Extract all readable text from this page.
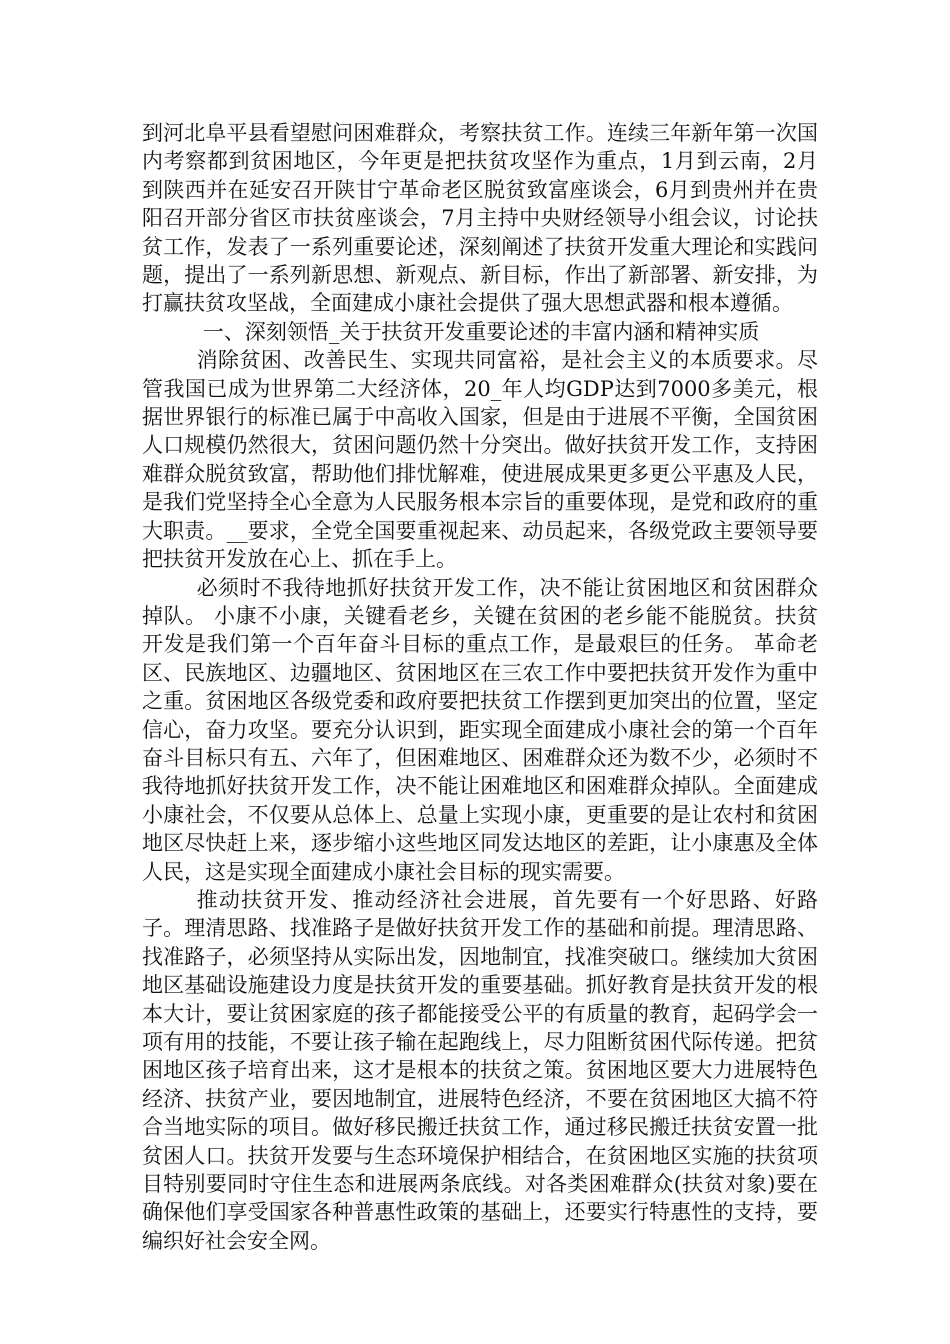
到河北阜平县看望慰问困难群众，考察扶贫工作。连续三年新年第一次国内考察都到贫困地区，今年更是把扶贫攻坚作为重点，1月到云南，2月到陕西并在延安召开陕甘宁革命老区脱贫致富座谈会，6月到贵州并在贵阳召开部分省区市扶贫座谈会，7月主持中央财经领导小组会议，讨论扶贫工作，发表了一系列重要论述，深刻阐述了扶贫开发重大理论和实践问题，提出了一系列新思想、新观点、新目标，作出了新部署、新安排，为打赢扶贫攻坚战，全面建成小康社会提供了强大思想武器和根本遵循。

一、深刻领悟_关于扶贫开发重要论述的丰富内涵和精神实质

消除贫困、改善民生、实现共同富裕，是社会主义的本质要求。尽管我国已成为世界第二大经济体，20_年人均GDP达到7000多美元，根据世界银行的标准已属于中高收入国家，但是由于进展不平衡，全国贫困人口规模仍然很大，贫困问题仍然十分突出。做好扶贫开发工作，支持困难群众脱贫致富，帮助他们排忧解难，使进展成果更多更公平惠及人民，是我们党坚持全心全意为人民服务根本宗旨的重要体现，是党和政府的重大职责。__要求，全党全国要重视起来、动员起来，各级党政主要领导要把扶贫开发放在心上、抓在手上。

必须时不我待地抓好扶贫开发工作，决不能让贫困地区和贫困群众掉队。 小康不小康，关键看老乡，关键在贫困的老乡能不能脱贫。扶贫开发是我们第一个百年奋斗目标的重点工作，是最艰巨的任务。 革命老区、民族地区、边疆地区、贫困地区在三农工作中要把扶贫开发作为重中之重。贫困地区各级党委和政府要把扶贫工作摆到更加突出的位置，坚定信心，奋力攻坚。要充分认识到，距实现全面建成小康社会的第一个百年奋斗目标只有五、六年了，但困难地区、困难群众还为数不少，必须时不我待地抓好扶贫开发工作，决不能让困难地区和困难群众掉队。全面建成小康社会，不仅要从总体上、总量上实现小康，更重要的是让农村和贫困地区尽快赶上来，逐步缩小这些地区同发达地区的差距，让小康惠及全体人民，这是实现全面建成小康社会目标的现实需要。

推动扶贫开发、推动经济社会进展，首先要有一个好思路、好路子。理清思路、找准路子是做好扶贫开发工作的基础和前提。理清思路、找准路子，必须坚持从实际出发，因地制宜，找准突破口。继续加大贫困地区基础设施建设力度是扶贫开发的重要基础。抓好教育是扶贫开发的根本大计，要让贫困家庭的孩子都能接受公平的有质量的教育，起码学会一项有用的技能，不要让孩子输在起跑线上，尽力阻断贫困代际传递。把贫困地区孩子培育出来，这才是根本的扶贫之策。贫困地区要大力进展特色经济、扶贫产业，要因地制宜，进展特色经济，不要在贫困地区大搞不符合当地实际的项目。做好移民搬迁扶贫工作，通过移民搬迁扶贫安置一批贫困人口。扶贫开发要与生态环境保护相结合，在贫困地区实施的扶贫项目特别要同时守住生态和进展两条底线。对各类困难群众(扶贫对象)要在确保他们享受国家各种普惠性政策的基础上，还要实行特惠性的支持，要编织好社会安全网。
